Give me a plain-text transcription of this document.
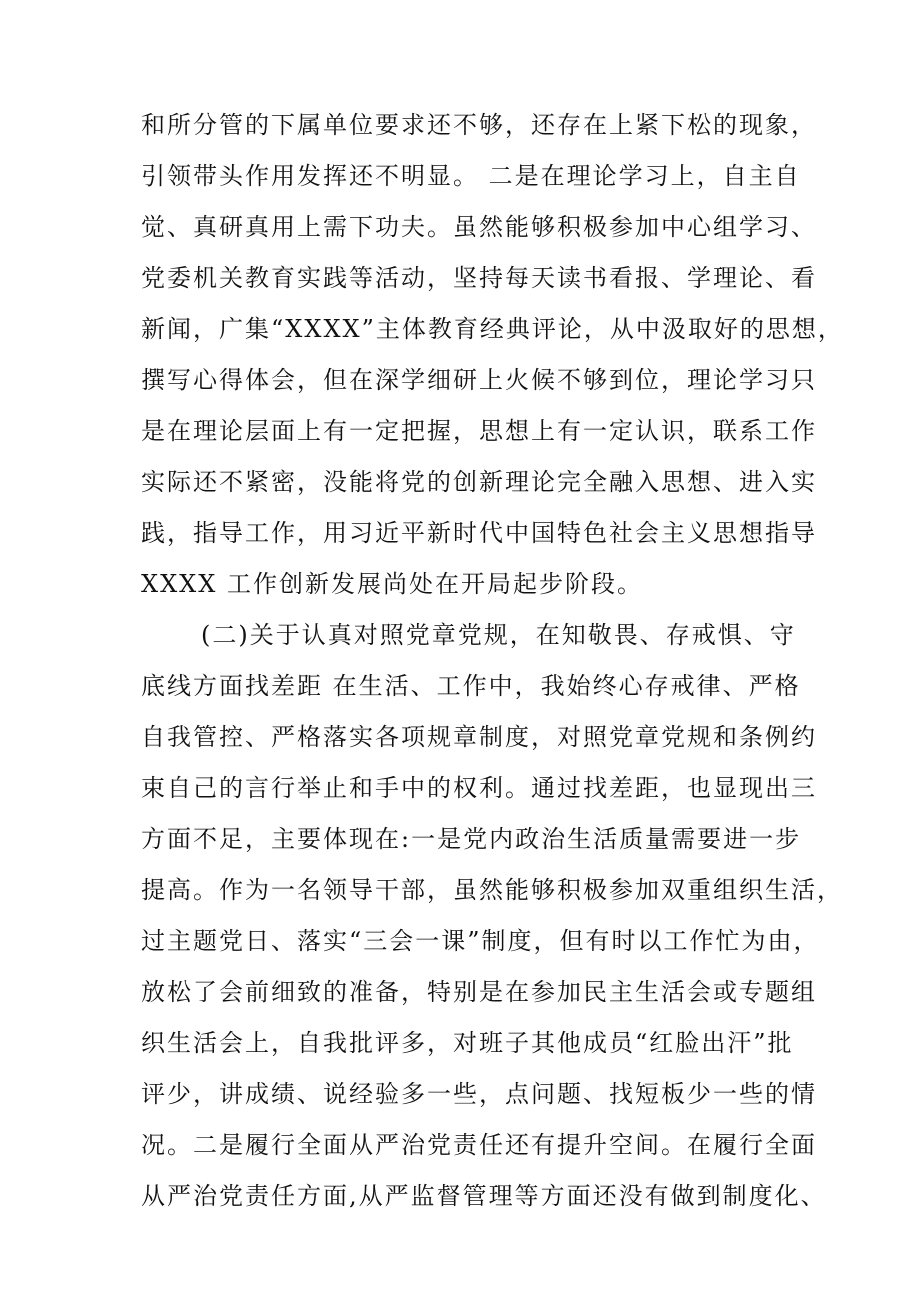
和所分管的下属单位要求还不够，还存在上紧下松的现象，
引领带头作用发挥还不明显。 二是在理论学习上，自主自
觉、真研真用上需下功夫。虽然能够积极参加中心组学习、
党委机关教育实践等活动，坚持每天读书看报、学理论、看
新闻，广集“XXXX”主体教育经典评论，从中汲取好的思想，
撰写心得体会，但在深学细研上火候不够到位，理论学习只
是在理论层面上有一定把握，思想上有一定认识，联系工作
实际还不紧密，没能将党的创新理论完全融入思想、进入实
践，指导工作，用习近平新时代中国特色社会主义思想指导
XXXX 工作创新发展尚处在开局起步阶段。
(二)关于认真对照党章党规，在知敬畏、存戒惧、守
底线方面找差距 在生活、工作中，我始终心存戒律、严格
自我管控、严格落实各项规章制度，对照党章党规和条例约
束自己的言行举止和手中的权利。通过找差距，也显现出三
方面不足，主要体现在:一是党内政治生活质量需要进一步
提高。作为一名领导干部，虽然能够积极参加双重组织生活，
过主题党日、落实“三会一课”制度，但有时以工作忙为由，
放松了会前细致的准备，特别是在参加民主生活会或专题组
织生活会上，自我批评多，对班子其他成员“红脸出汗”批
评少，讲成绩、说经验多一些，点问题、找短板少一些的情
况。二是履行全面从严治党责任还有提升空间。在履行全面
从严治党责任方面,从严监督管理等方面还没有做到制度化、
